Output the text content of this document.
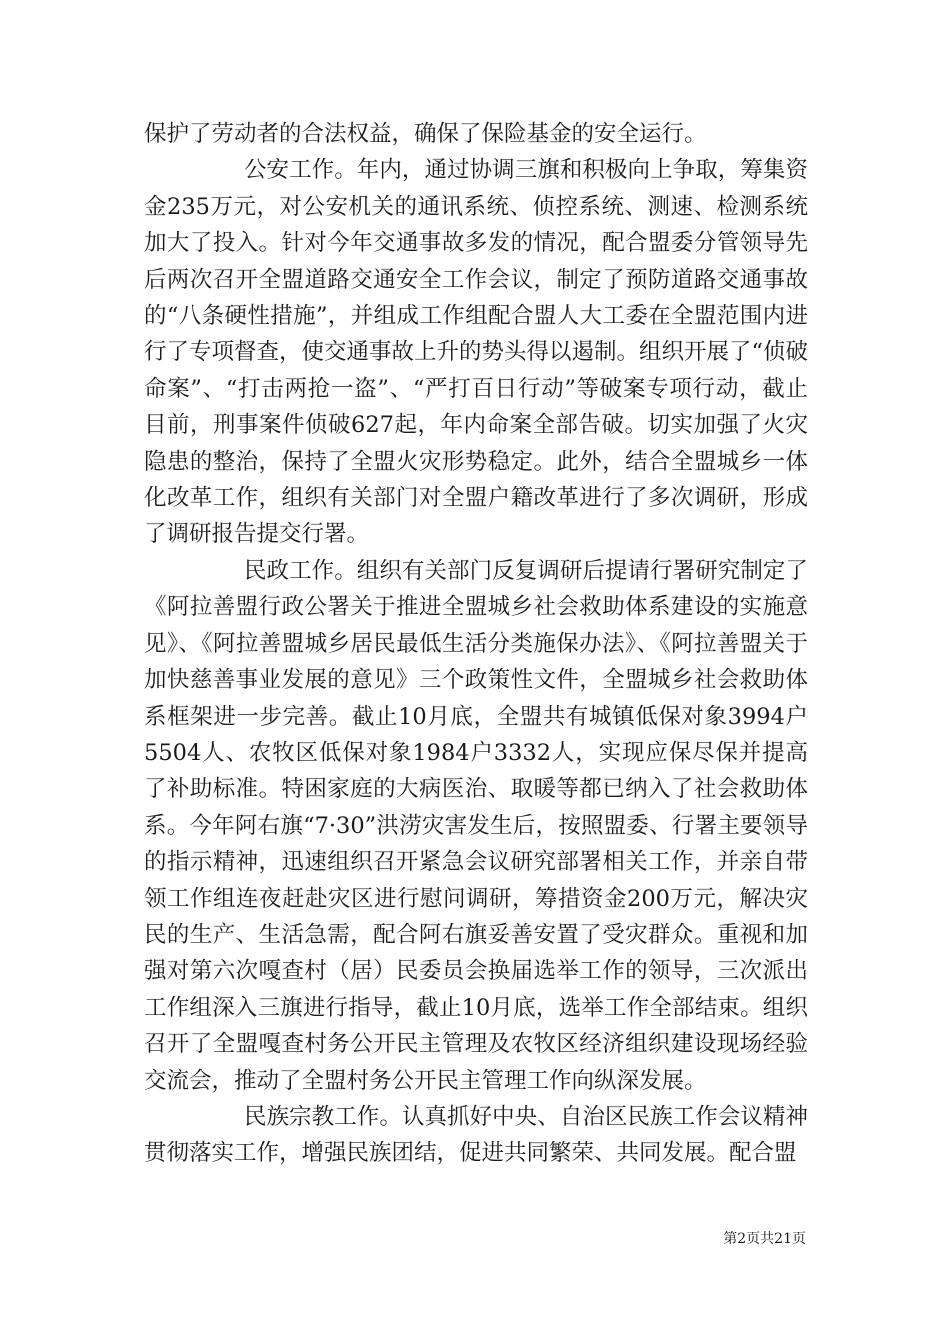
保护了劳动者的合法权益，确保了保险基金的安全运行。

公安工作。年内，通过协调三旗和积极向上争取，筹集资金235万元，对公安机关的通讯系统、侦控系统、测速、检测系统加大了投入。针对今年交通事故多发的情况，配合盟委分管领导先后两次召开全盟道路交通安全工作会议，制定了预防道路交通事故的“八条硬性措施”，并组成工作组配合盟人大工委在全盟范围内进行了专项督查，使交通事故上升的势头得以遏制。组织开展了“侦破命案”、“打击两抢一盗”、“严打百日行动”等破案专项行动，截止目前，刑事案件侦破627起，年内命案全部告破。切实加强了火灾隐患的整治，保持了全盟火灾形势稳定。此外，结合全盟城乡一体化改革工作，组织有关部门对全盟户籍改革进行了多次调研，形成了调研报告提交行署。

民政工作。组织有关部门反复调研后提请行署研究制定了《阿拉善盟行政公署关于推进全盟城乡社会救助体系建设的实施意见》、《阿拉善盟城乡居民最低生活分类施保办法》、《阿拉善盟关于加快慈善事业发展的意见》三个政策性文件，全盟城乡社会救助体系框架进一步完善。截止10月底，全盟共有城镇低保对象3994户5504人、农牧区低保对象1984户3332人，实现应保尽保并提高了补助标准。特困家庭的大病医治、取暖等都已纳入了社会救助体系。今年阿右旗“7·30”洪涝灾害发生后，按照盟委、行署主要领导的指示精神，迅速组织召开紧急会议研究部署相关工作，并亲自带领工作组连夜赶赴灾区进行慰问调研，筹措资金200万元，解决灾民的生产、生活急需，配合阿右旗妥善安置了受灾群众。重视和加强对第六次嘎查村（居）民委员会换届选举工作的领导，三次派出工作组深入三旗进行指导，截止10月底，选举工作全部结束。组织召开了全盟嘎查村务公开民主管理及农牧区经济组织建设现场经验交流会，推动了全盟村务公开民主管理工作向纵深发展。

民族宗教工作。认真抓好中央、自治区民族工作会议精神贯彻落实工作，增强民族团结，促进共同繁荣、共同发展。配合盟

第2页共21页
